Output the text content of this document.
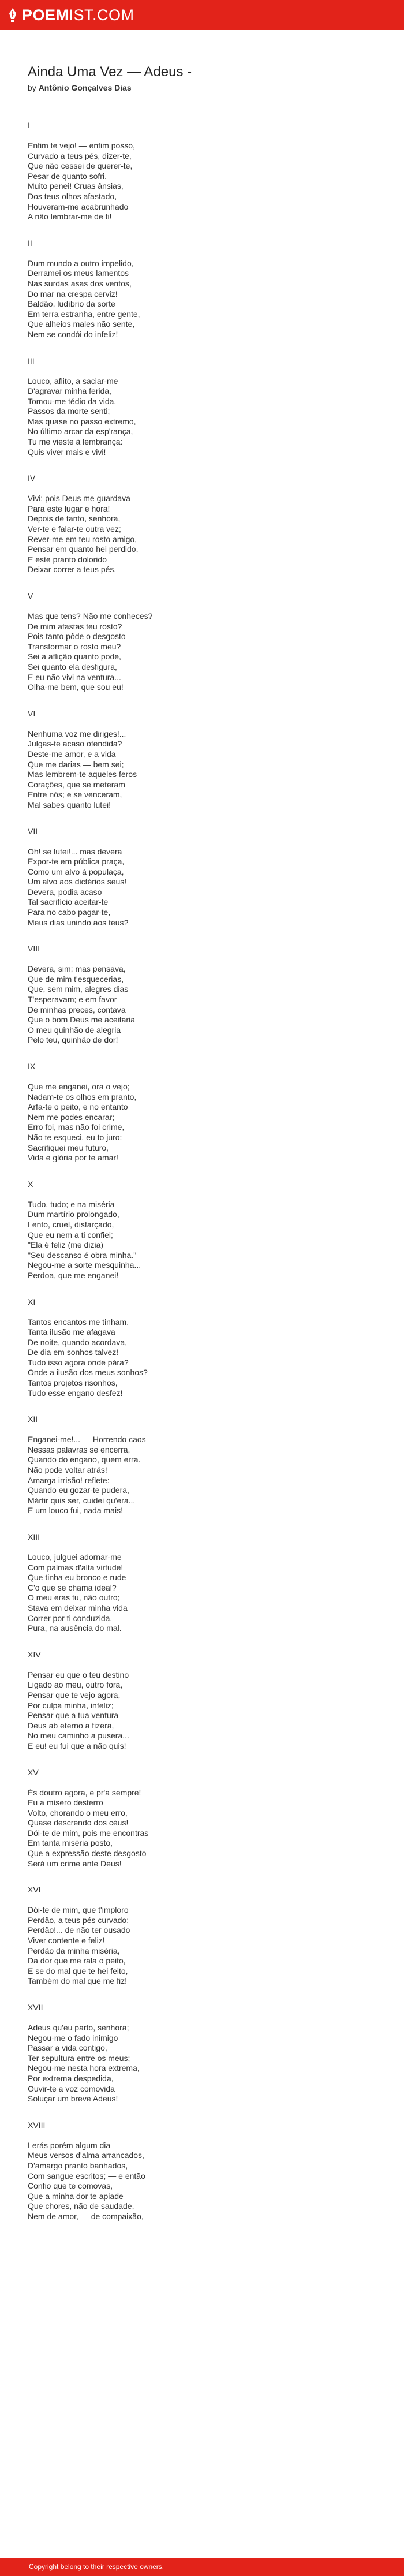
POEMIST.COM
Ainda Uma Vez — Adeus -
by Antônio Gonçalves Dias
I
Enfim te vejo! — enfim posso,
Curvado a teus pés, dizer-te,
Que não cessei de querer-te,
Pesar de quanto sofri.
Muito penei! Cruas ânsias,
Dos teus olhos afastado,
Houveram-me acabrunhado
A não lembrar-me de ti!
II
Dum mundo a outro impelido,
Derramei os meus lamentos
Nas surdas asas dos ventos,
Do mar na crespa cerviz!
Baldão, ludíbrio da sorte
Em terra estranha, entre gente,
Que alheios males não sente,
Nem se condói do infeliz!
III
Louco, aflito, a saciar-me
D'agravar minha ferida,
Tomou-me tédio da vida,
Passos da morte senti;
Mas quase no passo extremo,
No último arcar da esp'rança,
Tu me vieste à lembrança:
Quis viver mais e vivi!
IV
Vivi; pois Deus me guardava
Para este lugar e hora!
Depois de tanto, senhora,
Ver-te e falar-te outra vez;
Rever-me em teu rosto amigo,
Pensar em quanto hei perdido,
E este pranto dolorido
Deixar correr a teus pés.
V
Mas que tens? Não me conheces?
De mim afastas teu rosto?
Pois tanto pôde o desgosto
Transformar o rosto meu?
Sei a aflição quanto pode,
Sei quanto ela desfigura,
E eu não vivi na ventura...
Olha-me bem, que sou eu!
VI
Nenhuma voz me diriges!...
Julgas-te acaso ofendida?
Deste-me amor, e a vida
Que me darias — bem sei;
Mas lembrem-te aqueles feros
Corações, que se meteram
Entre nós; e se venceram,
Mal sabes quanto lutei!
VII
Oh! se lutei!... mas devera
Expor-te em pública praça,
Como um alvo à populaça,
Um alvo aos dictérios seus!
Devera, podia acaso
Tal sacrifício aceitar-te
Para no cabo pagar-te,
Meus dias unindo aos teus?
VIII
Devera, sim; mas pensava,
Que de mim t'esquecerias,
Que, sem mim, alegres dias
T'esperavam; e em favor
De minhas preces, contava
Que o bom Deus me aceitaria
O meu quinhão de alegria
Pelo teu, quinhão de dor!
IX
Que me enganei, ora o vejo;
Nadam-te os olhos em pranto,
Arfa-te o peito, e no entanto
Nem me podes encarar;
Erro foi, mas não foi crime,
Não te esqueci, eu to juro:
Sacrifiquei meu futuro,
Vida e glória por te amar!
X
Tudo, tudo; e na miséria
Dum martírio prolongado,
Lento, cruel, disfarçado,
Que eu nem a ti confiei;
"Ela é feliz (me dizia)
"Seu descanso é obra minha."
Negou-me a sorte mesquinha...
Perdoa, que me enganei!
XI
Tantos encantos me tinham,
Tanta ilusão me afagava
De noite, quando acordava,
De dia em sonhos talvez!
Tudo isso agora onde pára?
Onde a ilusão dos meus sonhos?
Tantos projetos risonhos,
Tudo esse engano desfez!
XII
Enganei-me!... — Horrendo caos
Nessas palavras se encerra,
Quando do engano, quem erra.
Não pode voltar atrás!
Amarga irrisão! reflete:
Quando eu gozar-te pudera,
Mártir quis ser, cuidei qu'era...
E um louco fui, nada mais!
XIII
Louco, julguei adornar-me
Com palmas d'alta virtude!
Que tinha eu bronco e rude
C'o que se chama ideal?
O meu eras tu, não outro;
Stava em deixar minha vida
Correr por ti conduzida,
Pura, na ausência do mal.
XIV
Pensar eu que o teu destino
Ligado ao meu, outro fora,
Pensar que te vejo agora,
Por culpa minha, infeliz;
Pensar que a tua ventura
Deus ab eterno a fizera,
No meu caminho a pusera...
E eu! eu fui que a não quis!
XV
És doutro agora, e pr'a sempre!
Eu a mísero desterro
Volto, chorando o meu erro,
Quase descrendo dos céus!
Dói-te de mim, pois me encontras
Em tanta miséria posto,
Que a expressão deste desgosto
Será um crime ante Deus!
XVI
Dói-te de mim, que t'imploro
Perdão, a teus pés curvado;
Perdão!... de não ter ousado
Viver contente e feliz!
Perdão da minha miséria,
Da dor que me rala o peito,
E se do mal que te hei feito,
Também do mal que me fiz!
XVII
Adeus qu'eu parto, senhora;
Negou-me o fado inimigo
Passar a vida contigo,
Ter sepultura entre os meus;
Negou-me nesta hora extrema,
Por extrema despedida,
Ouvir-te a voz comovida
Soluçar um breve Adeus!
XVIII
Lerás porém algum dia
Meus versos d'alma arrancados,
D'amargo pranto banhados,
Com sangue escritos; — e então
Confio que te comovas,
Que a minha dor te apiade
Que chores, não de saudade,
Nem de amor, — de compaixão,
Copyright belong to their respective owners.
